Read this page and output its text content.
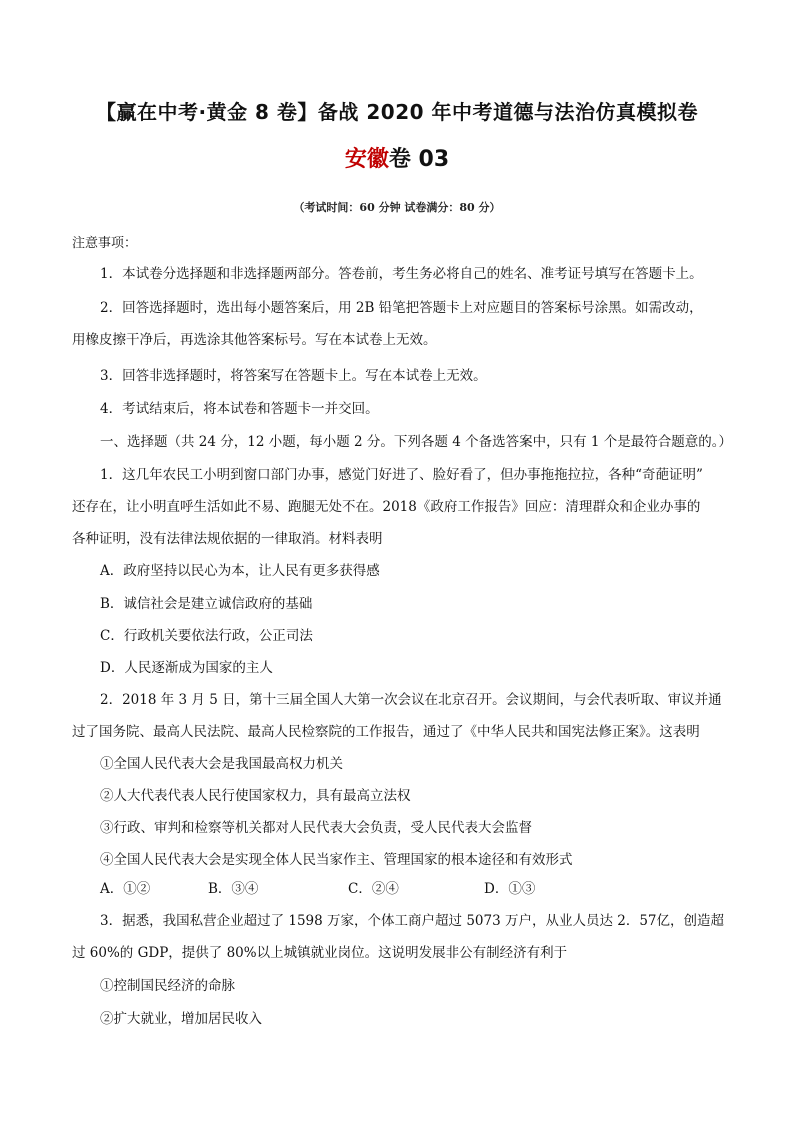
【赢在中考·黄金 8 卷】备战 2020 年中考道德与法治仿真模拟卷
安徽卷 03
（考试时间：60 分钟 试卷满分：80 分）
注意事项：
1．本试卷分选择题和非选择题两部分。答卷前，考生务必将自己的姓名、准考证号填写在答题卡上。
2．回答选择题时，选出每小题答案后，用 2B 铅笔把答题卡上对应题目的答案标号涂黑。如需改动，
用橡皮擦干净后，再选涂其他答案标号。写在本试卷上无效。
3．回答非选择题时，将答案写在答题卡上。写在本试卷上无效。
4．考试结束后，将本试卷和答题卡一并交回。
一、选择题（共 24 分，12 小题，每小题 2 分。下列各题 4 个备选答案中，只有 1 个是最符合题意的。）
1．这几年农民工小明到窗口部门办事，感觉门好进了、脸好看了，但办事拖拖拉拉，各种“奇葩证明”
还存在，让小明直呼生活如此不易、跑腿无处不在。2018《政府工作报告》回应：清理群众和企业办事的
各种证明，没有法律法规依据的一律取消。材料表明
A．政府坚持以民心为本，让人民有更多获得感
B．诚信社会是建立诚信政府的基础
C．行政机关要依法行政，公正司法
D．人民逐渐成为国家的主人
2．2018 年 3 月 5 日，第十三届全国人大第一次会议在北京召开。会议期间，与会代表听取、审议并通
过了国务院、最高人民法院、最高人民检察院的工作报告，通过了《中华人民共和国宪法修正案》。这表明
①全国人民代表大会是我国最高权力机关
②人大代表代表人民行使国家权力，具有最高立法权
③行政、审判和检察等机关都对人民代表大会负责，受人民代表大会监督
④全国人民代表大会是实现全体人民当家作主、管理国家的根本途径和有效形式
A．①②	B．③④	C．②④	D．①③
3．据悉，我国私营企业超过了 1598 万家，个体工商户超过 5073 万户，从业人员达 2．57亿，创造超
过 60%的 GDP，提供了 80%以上城镇就业岗位。这说明发展非公有制经济有利于
①控制国民经济的命脉
②扩大就业，增加居民收入
